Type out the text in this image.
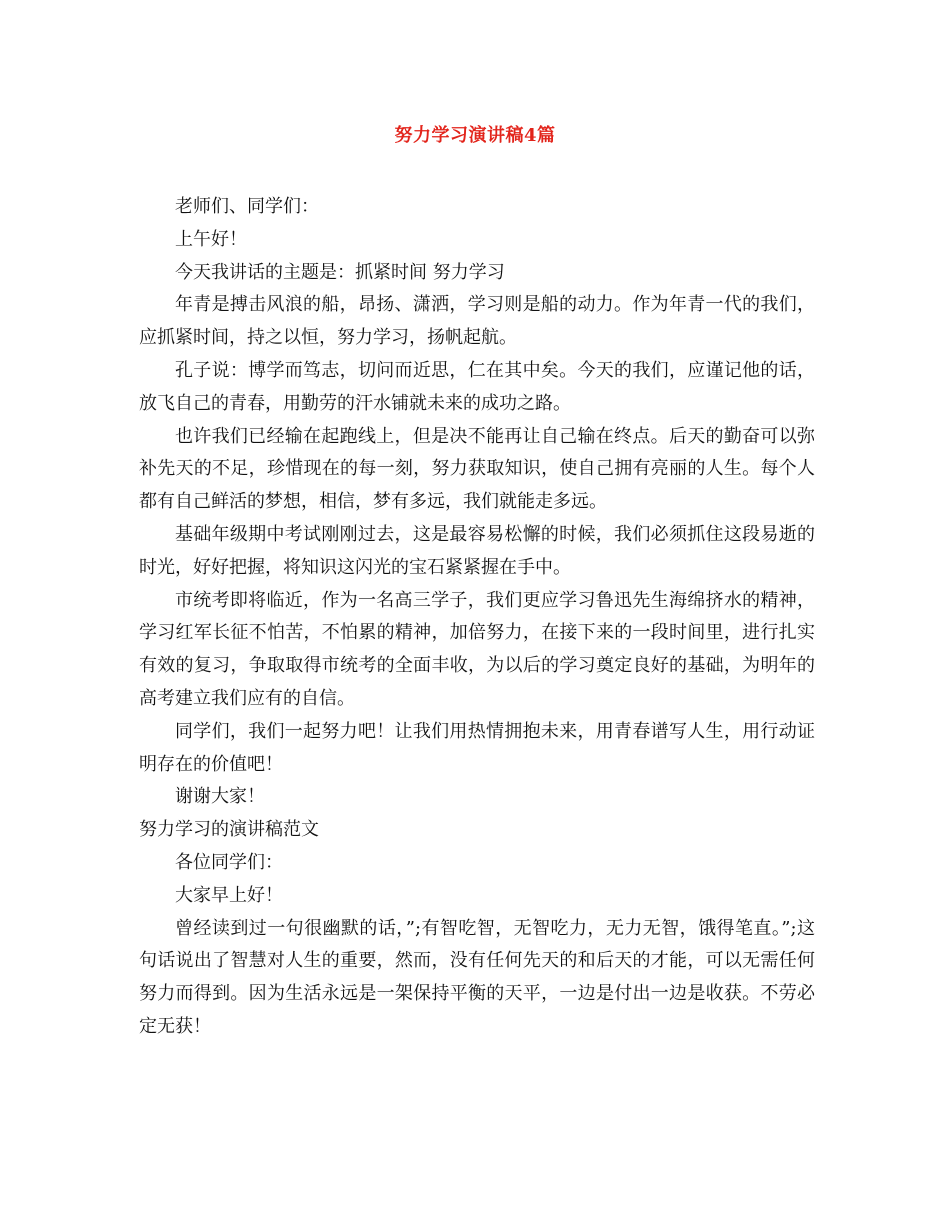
努力学习演讲稿4篇

老师们、同学们：

上午好！

今天我讲话的主题是：抓紧时间 努力学习

年青是搏击风浪的船，昂扬、潇洒，学习则是船的动力。作为年青一代的我们，应抓紧时间，持之以恒，努力学习，扬帆起航。

孔子说：博学而笃志，切问而近思，仁在其中矣。今天的我们，应谨记他的话，放飞自己的青春，用勤劳的汗水铺就未来的成功之路。

也许我们已经输在起跑线上，但是决不能再让自己输在终点。后天的勤奋可以弥补先天的不足，珍惜现在的每一刻，努力获取知识，使自己拥有亮丽的人生。每个人都有自己鲜活的梦想，相信，梦有多远，我们就能走多远。

基础年级期中考试刚刚过去，这是最容易松懈的时候，我们必须抓住这段易逝的时光，好好把握，将知识这闪光的宝石紧紧握在手中。

市统考即将临近，作为一名高三学子，我们更应学习鲁迅先生海绵挤水的精神，学习红军长征不怕苦，不怕累的精神，加倍努力，在接下来的一段时间里，进行扎实有效的复习，争取取得市统考的全面丰收，为以后的学习奠定良好的基础，为明年的高考建立我们应有的自信。

同学们，我们一起努力吧！让我们用热情拥抱未来，用青春谱写人生，用行动证明存在的价值吧！

谢谢大家！

努力学习的演讲稿范文

各位同学们：

大家早上好！

曾经读到过一句很幽默的话，”;有智吃智，无智吃力，无力无智，饿得笔直。”;这句话说出了智慧对人生的重要，然而，没有任何先天的和后天的才能，可以无需任何努力而得到。因为生活永远是一架保持平衡的天平，一边是付出一边是收获。不劳必定无获！
